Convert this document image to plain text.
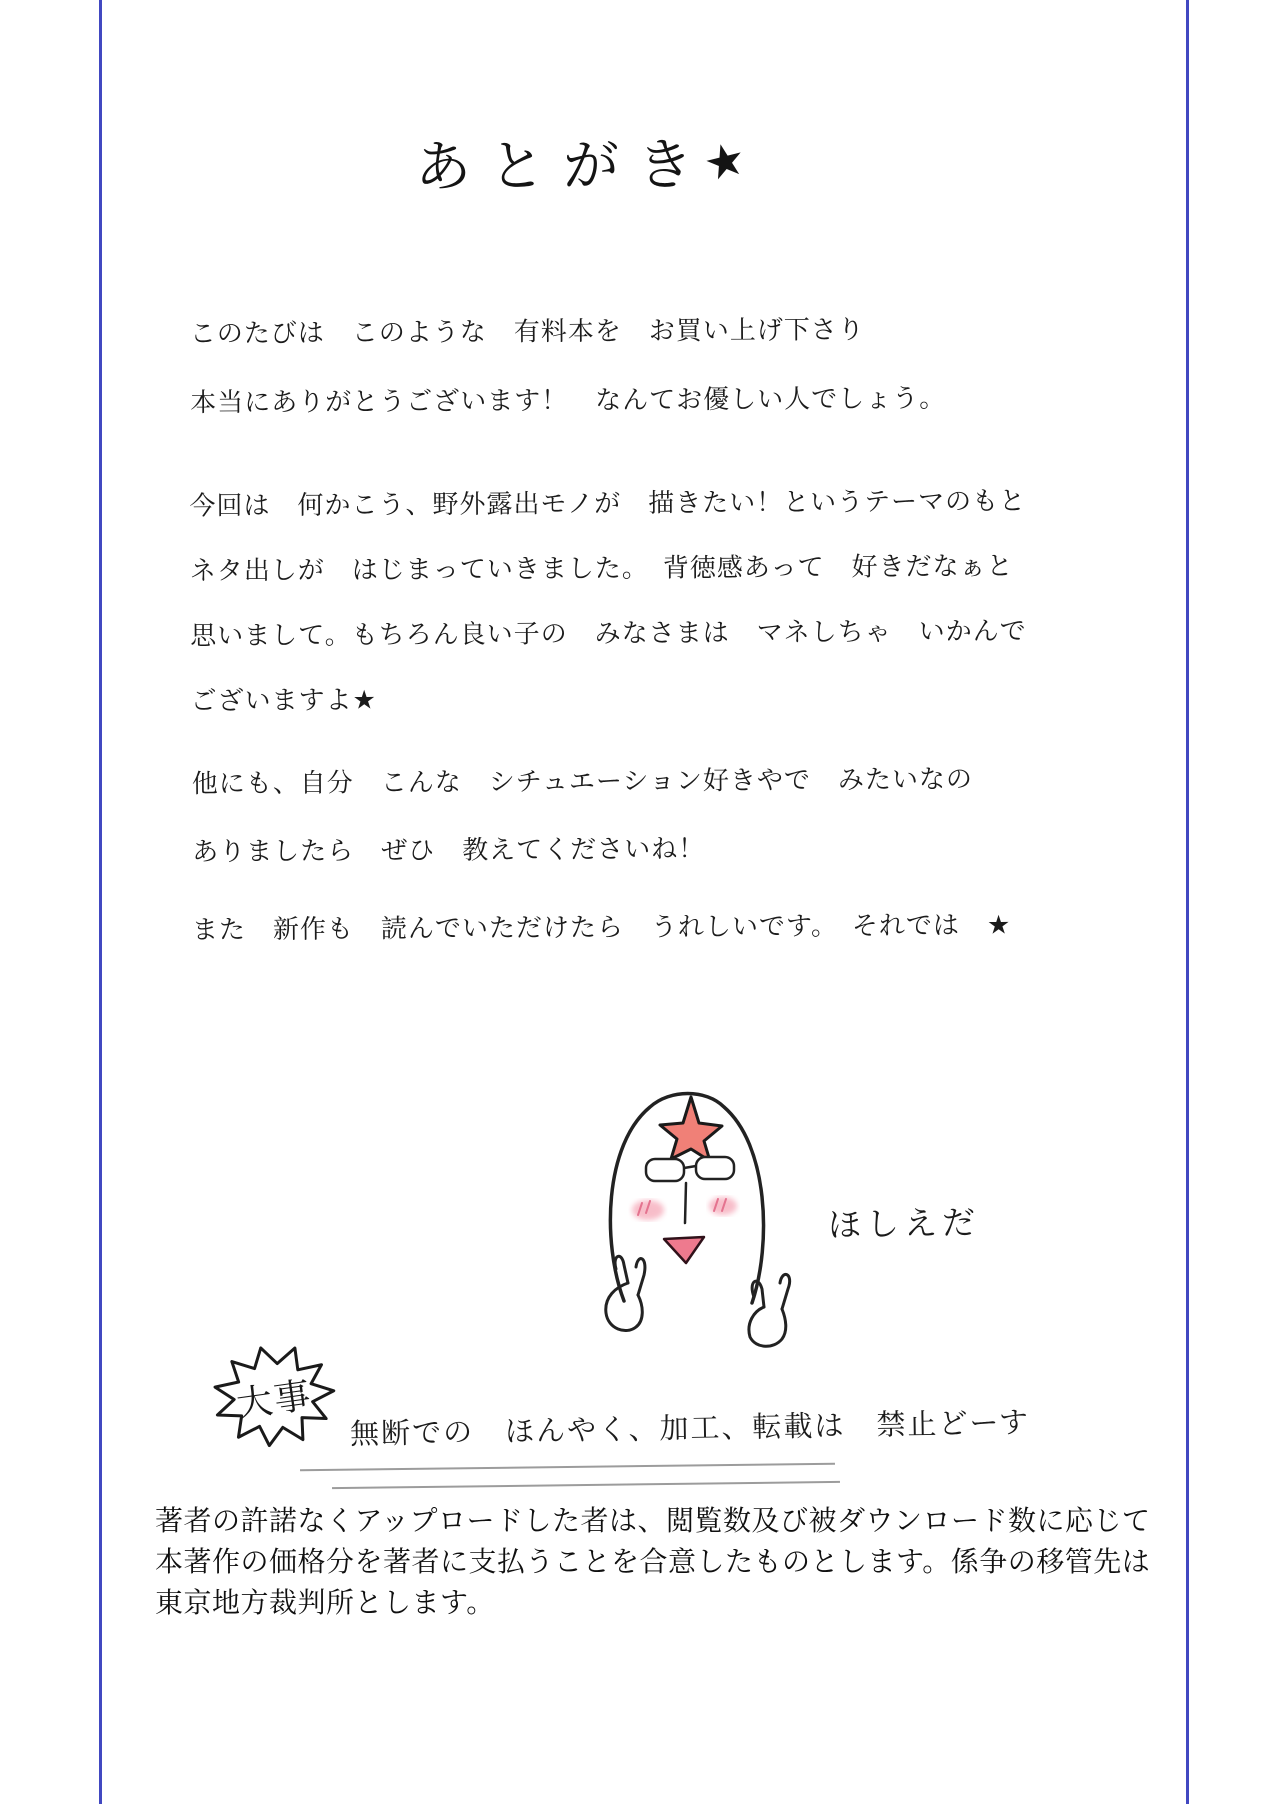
あとがき
★
このたびは　このような　有料本を　お買い上げ下さり
本当にありがとうございます！　なんてお優しい人でしょう。
今回は　何かこう、野外露出モノが　描きたい！というテーマのもと
ネタ出しが　はじまっていきました。　背徳感あって　好きだなぁと
思いまして。もちろん良い子の　みなさまは　マネしちゃ　いかんで
ございますよ★
他にも、自分　こんな　シチュエーション好きやで　みたいなの
ありましたら　ぜひ　教えてくださいね！
また　新作も　読んでいただけたら　うれしいです。　それでは　★
ほしえだ
大事
無断での　ほんやく、加工、転載は　禁止どーす
著者の許諾なくアップロードした者は、閲覧数及び被ダウンロード数に応じて
本著作の価格分を著者に支払うことを合意したものとします。係争の移管先は
東京地方裁判所とします。
